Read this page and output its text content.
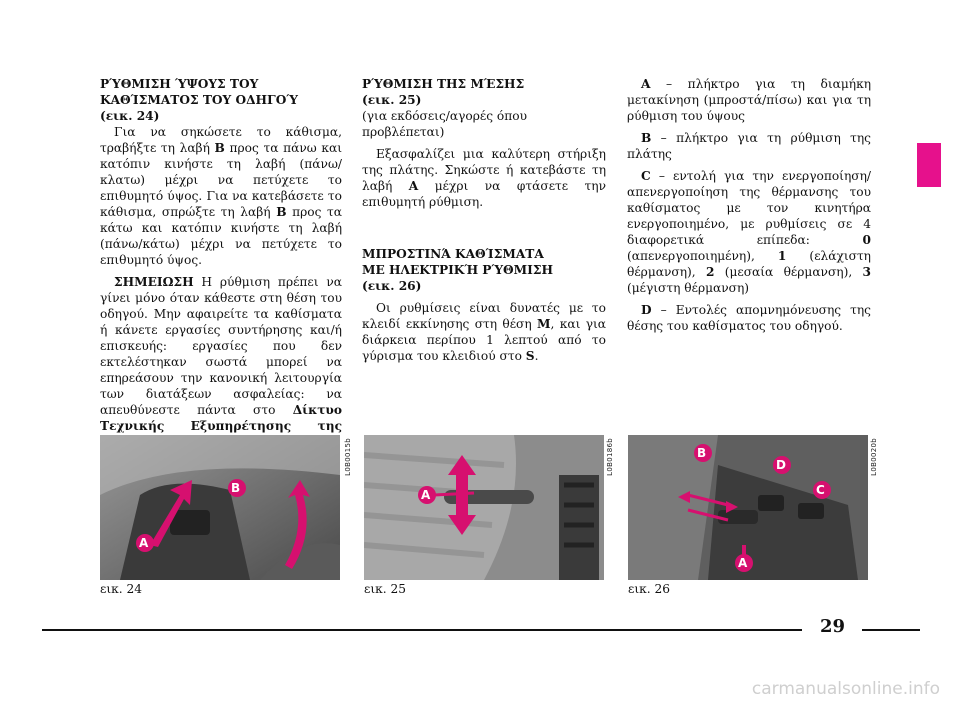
ΡΎΘΜΙΣΗ ΎΨΟΥΣ ΤΟΥ
ΚΑΘΊΣΜΑΤΟΣ ΤΟΥ ΟΔΗΓΟΎ
(εικ. 24)

Για να σηκώσετε το κάθισμα, τραβήξτε τη λαβή B προς τα πάνω και κατόπιν κινήστε τη λαβή (πάνω/κλατω) μέχρι να πετύχετε το επιθυμητό ύψος. Για να κατεβάσετε το κάθισμα, σπρώξτε τη λαβή B προς τα κάτω και κατόπιν κινήστε τη λαβή (πάνω/κάτω) μέχρι να πετύχετε το επιθυμητό ύψος.

ΣΗΜΕΙΩΣΗ Η ρύθμιση πρέπει να γίνει μόνο όταν κάθεστε στη θέση του οδηγού. Μην αφαιρείτε τα καθίσματα ή κάνετε εργασίες συντήρησης και/ή επισκευής: εργασίες που δεν εκτελέστηκαν σωστά μπορεί να επηρεάσουν την κανονική λειτουργία των διατάξεων ασφαλείας: να απευθύνεστε πάντα στο Δίκτυο Τεχνικής Εξυπηρέτησης της

ΡΎΘΜΙΣΗ ΤΗΣ ΜΈΣΗΣ
(εικ. 25)
(για εκδόσεις/αγορές όπου
προβλέπεται)

Εξασφαλίζει μια καλύτερη στήριξη της πλάτης. Σηκώστε ή κατεβάστε τη λαβή A μέχρι να φτάσετε την επιθυμητή ρύθμιση.

ΜΠΡΟΣΤΙΝΆ ΚΑΘΊΣΜΑΤΑ
ΜΕ ΗΛΕΚΤΡΙΚΉ ΡΎΘΜΙΣΗ
(εικ. 26)

Οι ρυθμίσεις είναι δυνατές με το κλειδί εκκίνησης στη θέση M, και για διάρκεια περίπου 1 λεπτού από το γύρισμα του κλειδιού στο S.

A – πλήκτρο για τη διαμήκη μετακίνηση (μπροστά/πίσω) και για τη ρύθμιση του ύψους

B – πλήκτρο για τη ρύθμιση της πλάτης

C – εντολή για την ενεργοποίηση/απενεργοποίηση της θέρμανσης του καθίσματος με τον κινητήρα ενεργοποιημένο, με ρυθμίσεις σε 4 διαφορετικά επίπεδα: 0 (απενεργοποιημένη), 1 (ελάχιστη θέρμανση), 2 (μεσαία θέρμανση), 3 (μέγιστη θέρμανση)

D – Εντολές απομνημόνευσης της θέσης του καθίσματος του οδηγού.

A
B
L0B0015b
εικ. 24
A
L0B0186b
εικ. 25
B
D
C
A
L0B0020b
εικ. 26
29
carmanualsonline.info
